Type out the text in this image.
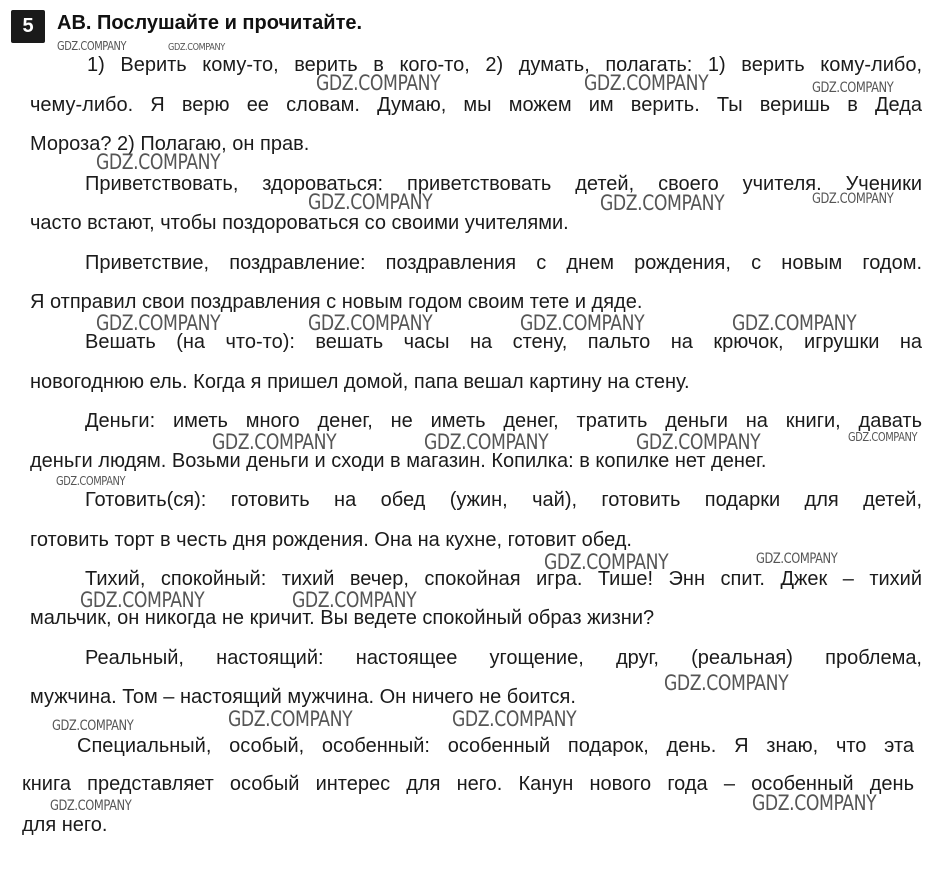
5	АВ. Послушайте и прочитайте.
1) Верить кому-то, верить в кого-то, 2) думать, полагать: 1) верить кому-либо,
чему-либо. Я верю ее словам. Думаю, мы можем им верить. Ты веришь в Деда
Мороза? 2) Полагаю, он прав.
Приветствовать, здороваться: приветствовать детей, своего учителя. Ученики
часто встают, чтобы поздороваться со своими учителями.
Приветствие, поздравление: поздравления с днем рождения, с новым годом.
Я отправил свои поздравления с новым годом своим тете и дяде.
Вешать (на что-то): вешать часы на стену, пальто на крючок, игрушки на
новогоднюю ель. Когда я пришел домой, папа вешал картину на стену.
Деньги: иметь много денег, не иметь денег, тратить деньги на книги, давать
деньги людям. Возьми деньги и сходи в магазин. Копилка: в копилке нет денег.
Готовить(ся): готовить на обед (ужин, чай), готовить подарки для детей,
готовить торт в честь дня рождения. Она на кухне, готовит обед.
Тихий, спокойный: тихий вечер, спокойная игра. Тише! Энн спит. Джек – тихий
мальчик, он никогда не кричит. Вы ведете спокойный образ жизни?
Реальный, настоящий: настоящее угощение, друг, (реальная) проблема,
мужчина. Том – настоящий мужчина. Он ничего не боится.
Специальный, особый, особенный: особенный подарок, день. Я знаю, что эта
книга представляет особый интерес для него. Канун нового года – особенный день
для него.
GDZ.COMPANY	GDZ.COMPANY
GDZ.COMPANY	GDZ.COMPANY	GDZ.COMPANY
GDZ.COMPANY
GDZ.COMPANY	GDZ.COMPANY	GDZ.COMPANY
GDZ.COMPANY	GDZ.COMPANY	GDZ.COMPANY	GDZ.COMPANY
GDZ.COMPANY	GDZ.COMPANY	GDZ.COMPANY	GDZ.COMPANY
GDZ.COMPANY
GDZ.COMPANY	GDZ.COMPANY
GDZ.COMPANY	GDZ.COMPANY
GDZ.COMPANY
GDZ.COMPANY	GDZ.COMPANY
GDZ.COMPANY
GDZ.COMPANY
GDZ.COMPANY
